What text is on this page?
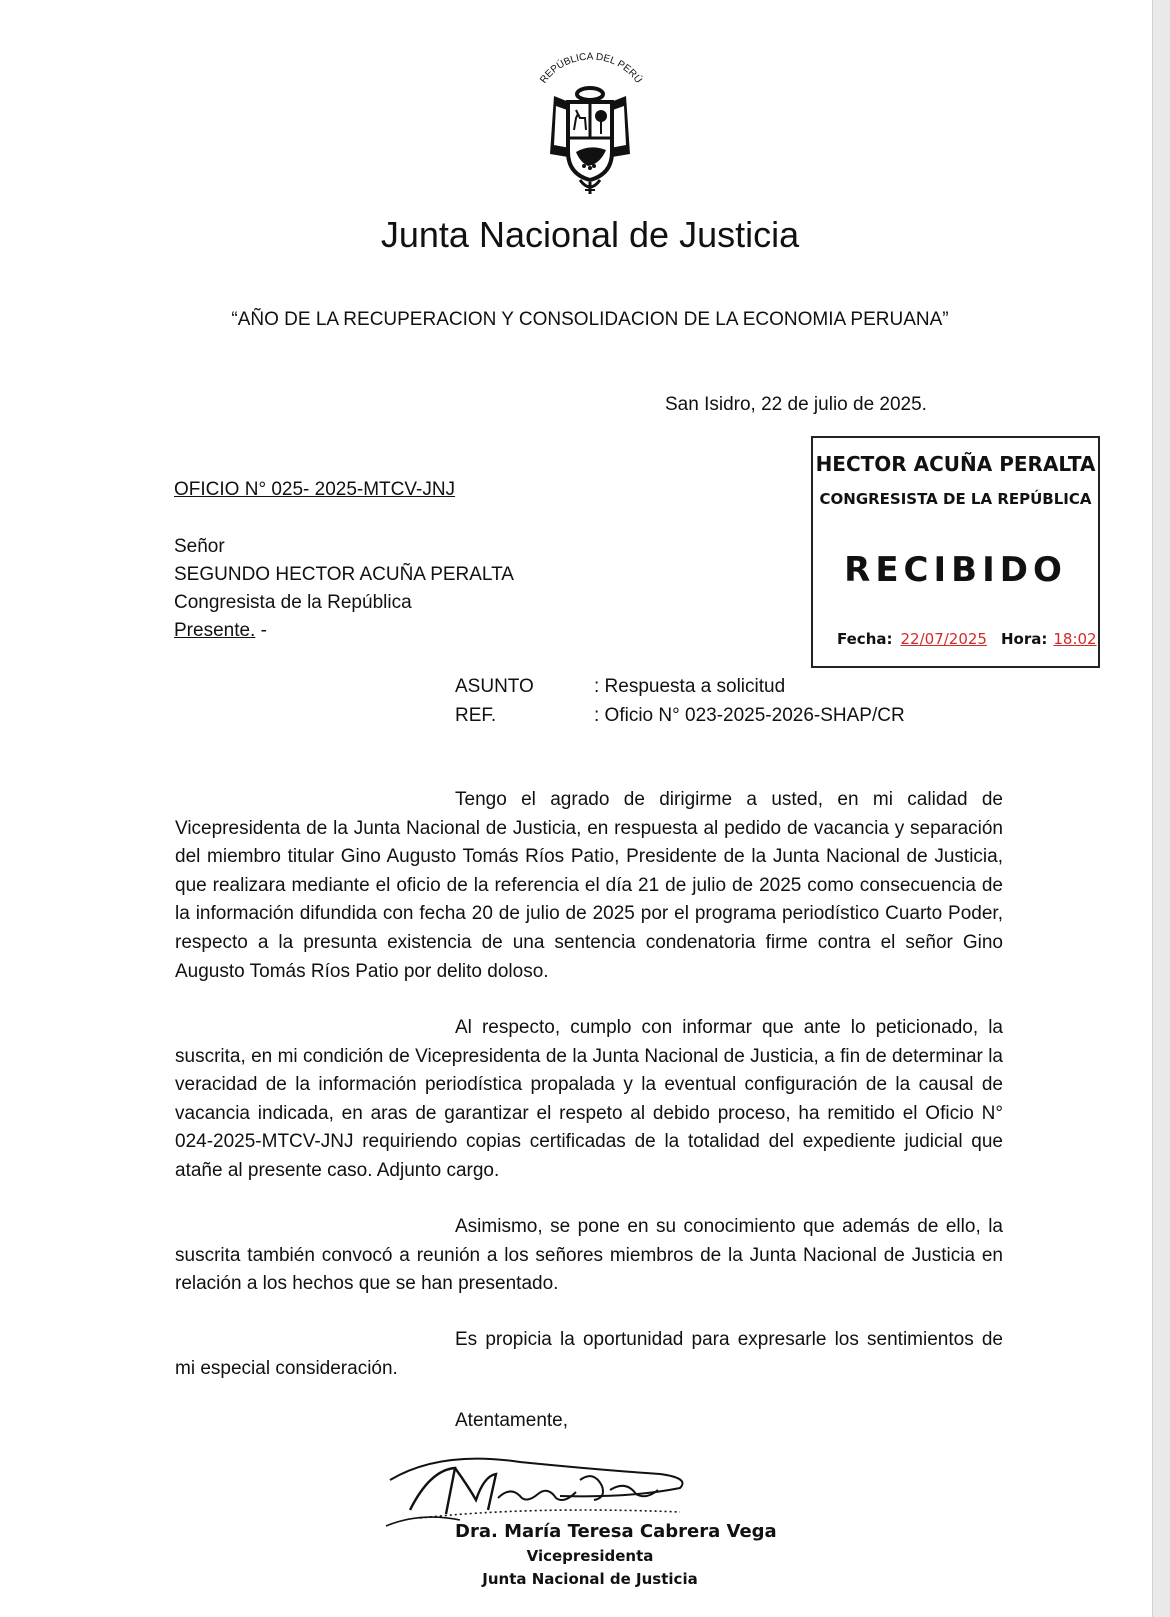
REPÚBLICA DEL PERÚ
Junta Nacional de Justicia
“AÑO DE LA RECUPERACION Y CONSOLIDACION DE LA ECONOMIA PERUANA”
San Isidro, 22 de julio de 2025.
HECTOR ACUÑA PERALTA
CONGRESISTA DE LA REPÚBLICA
RECIBIDO
Fecha: 22/07/2025 Hora: 18:02
OFICIO N° 025- 2025-MTCV-JNJ
Señor
SEGUNDO HECTOR ACUÑA PERALTA
Congresista de la República
Presente. -
ASUNTO	: Respuesta a solicitud
REF.	: Oficio N° 023-2025-2026-SHAP/CR
Tengo el agrado de dirigirme a usted, en mi calidad de Vicepresidenta de la Junta Nacional de Justicia, en respuesta al pedido de vacancia y separación del miembro titular Gino Augusto Tomás Ríos Patio, Presidente de la Junta Nacional de Justicia, que realizara mediante el oficio de la referencia el día 21 de julio de 2025 como consecuencia de la información difundida con fecha 20 de julio de 2025 por el programa periodístico Cuarto Poder, respecto a la presunta existencia de una sentencia condenatoria firme contra el señor Gino Augusto Tomás Ríos Patio por delito doloso.
Al respecto, cumplo con informar que ante lo peticionado, la suscrita, en mi condición de Vicepresidenta de la Junta Nacional de Justicia, a fin de determinar la veracidad de la información periodística propalada y la eventual configuración de la causal de vacancia indicada, en aras de garantizar el respeto al debido proceso, ha remitido el Oficio N° 024-2025-MTCV-JNJ requiriendo copias certificadas de la totalidad del expediente judicial que atañe al presente caso. Adjunto cargo.
Asimismo, se pone en su conocimiento que además de ello, la suscrita también convocó a reunión a los señores miembros de la Junta Nacional de Justicia en relación a los hechos que se han presentado.
Es propicia la oportunidad para expresarle los sentimientos de mi especial consideración.
Atentamente,
Dra. María Teresa Cabrera Vega
Vicepresidenta
Junta Nacional de Justicia
